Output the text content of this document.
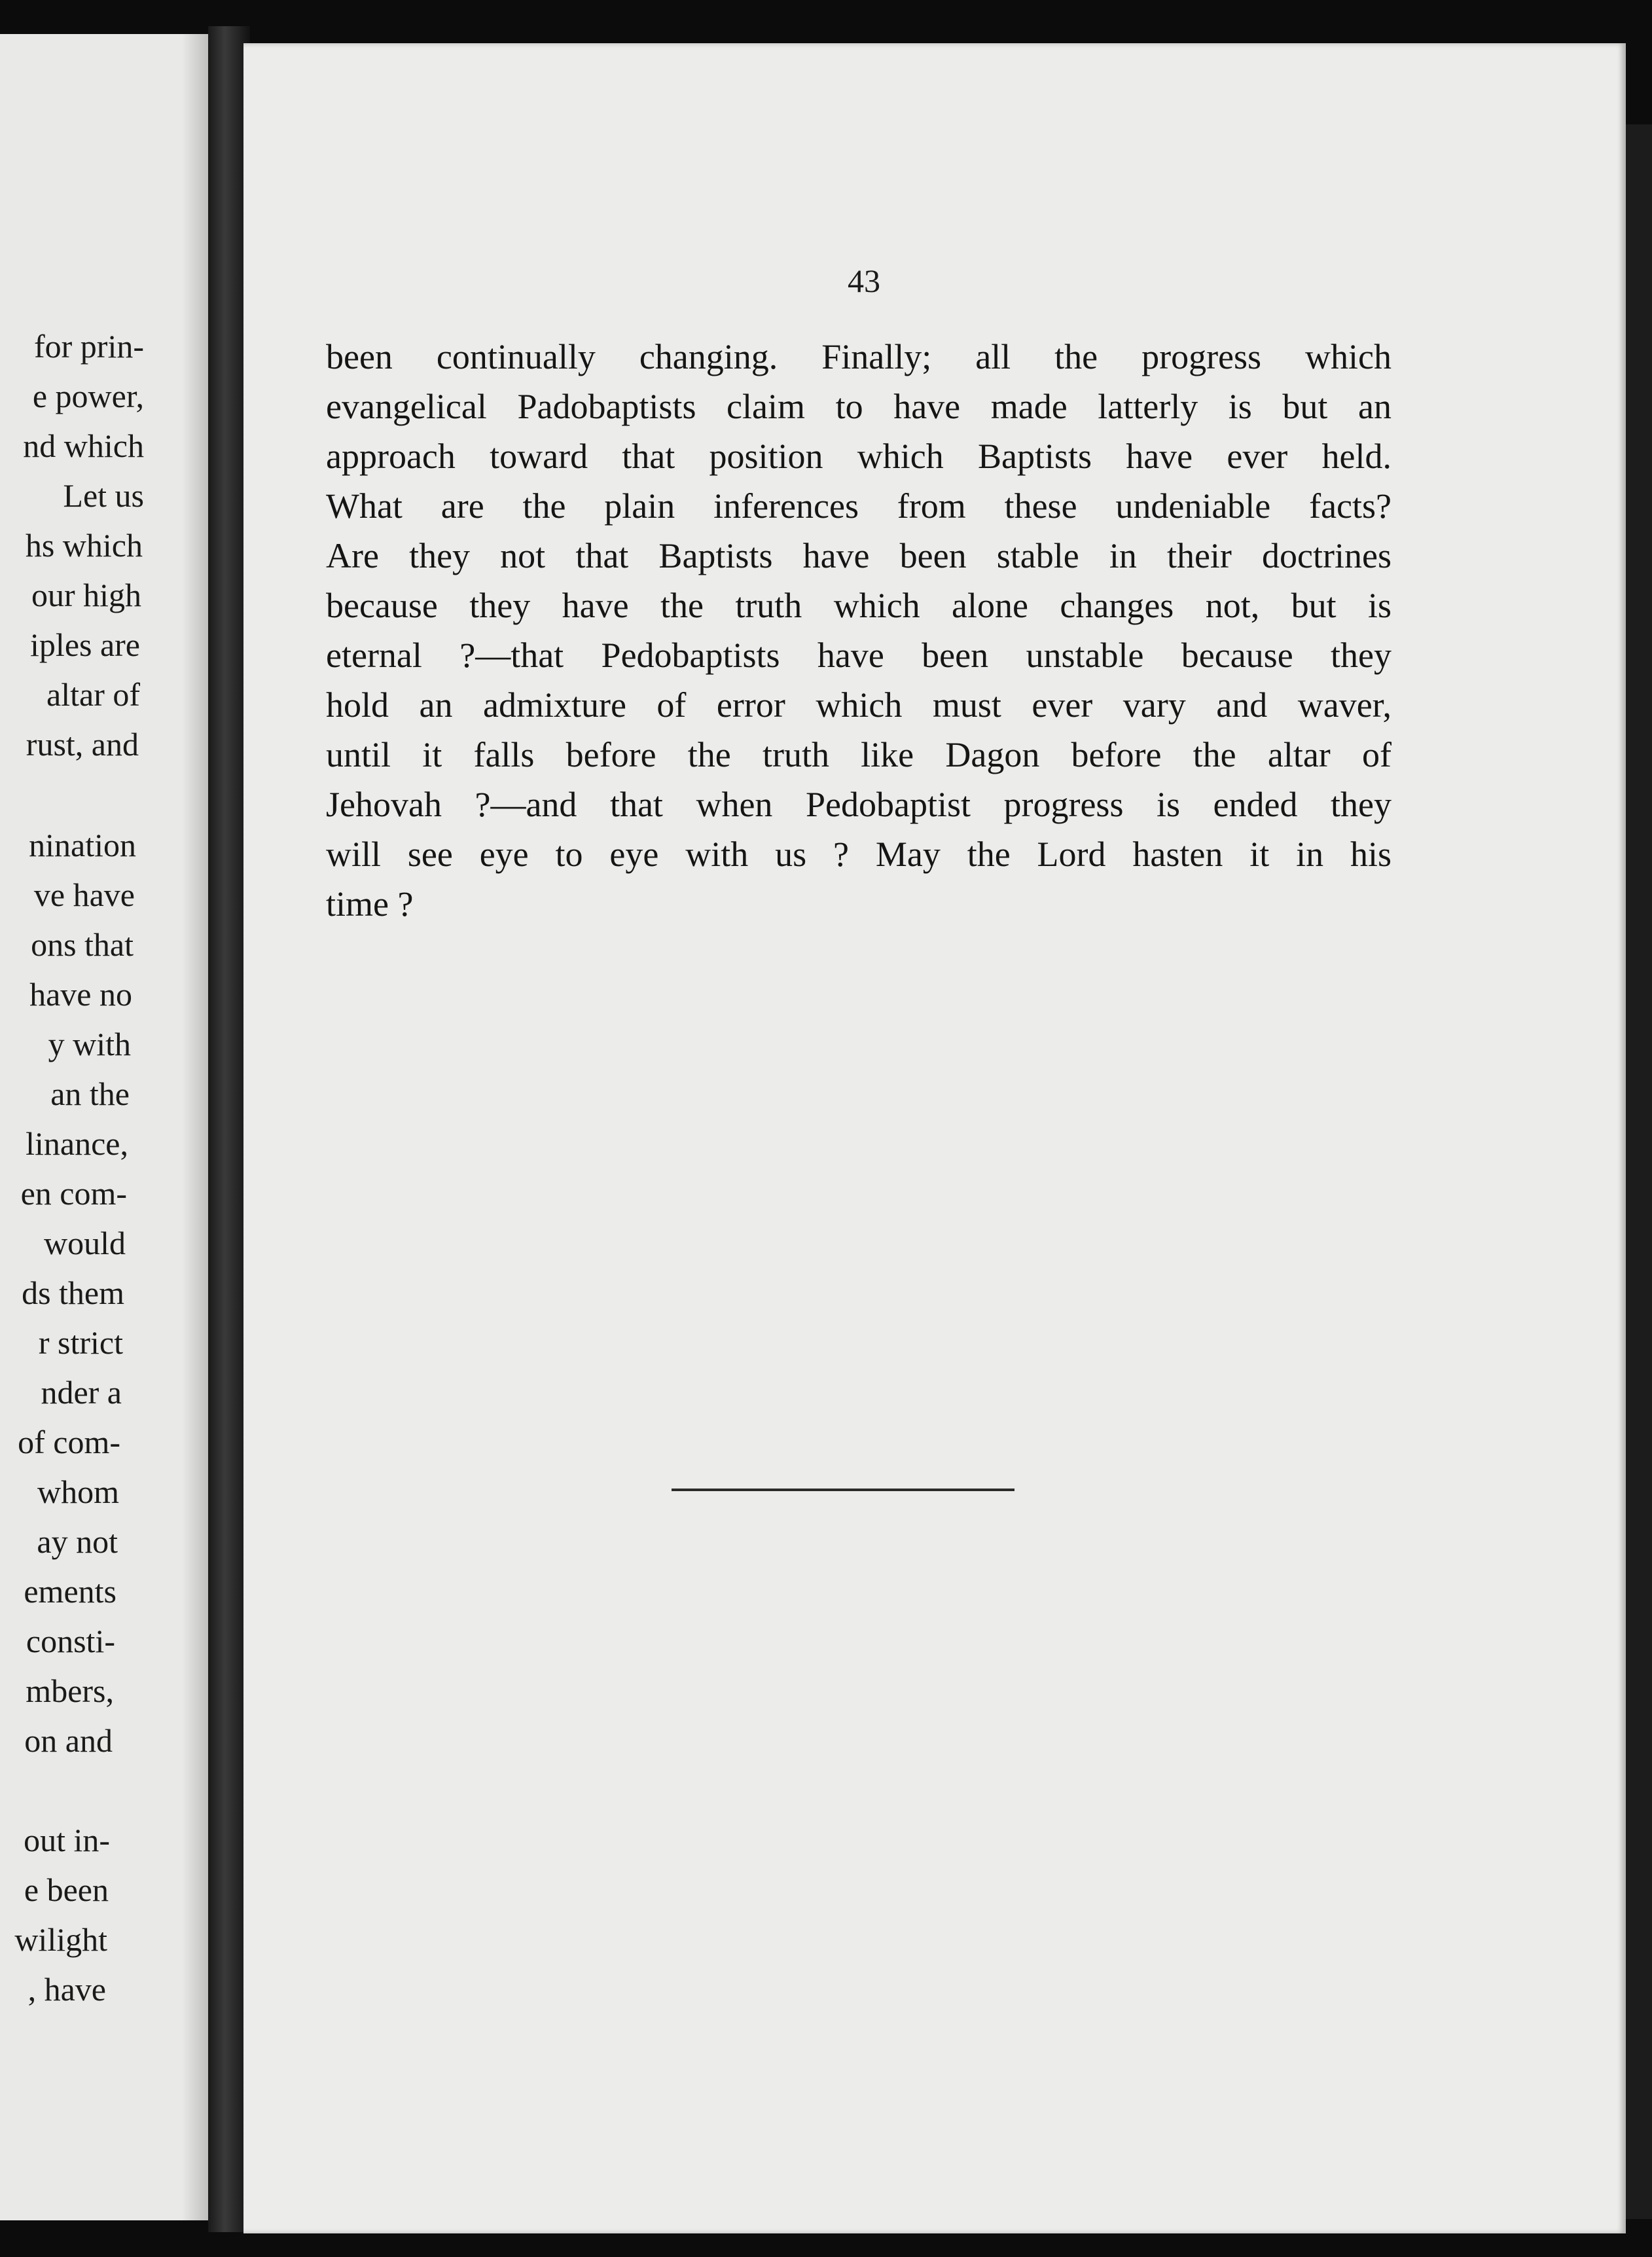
for prin-
e power,
nd which
Let us
hs which
our high
iples are
altar of
rust, and
nination
ve have
ons that
have no
y with
an the
linance,
en com-
would
ds them
r strict
nder a
of com-
whom
ay not
ements
consti-
mbers,
on and
out in-
e been
wilight
, have
43
been continually changing. Finally; all the progress which
evangelical Padobaptists claim to have made latterly is but an
approach toward that position which Baptists have ever held.
What are the plain inferences from these undeniable facts?
Are they not that Baptists have been stable in their doctrines
because they have the truth which alone changes not, but is
eternal ?—that Pedobaptists have been unstable because they
hold an admixture of error which must ever vary and waver,
until it falls before the truth like Dagon before the altar of
Jehovah ?—and that when Pedobaptist progress is ended they
will see eye to eye with us ? May the Lord hasten it in his
time ?
